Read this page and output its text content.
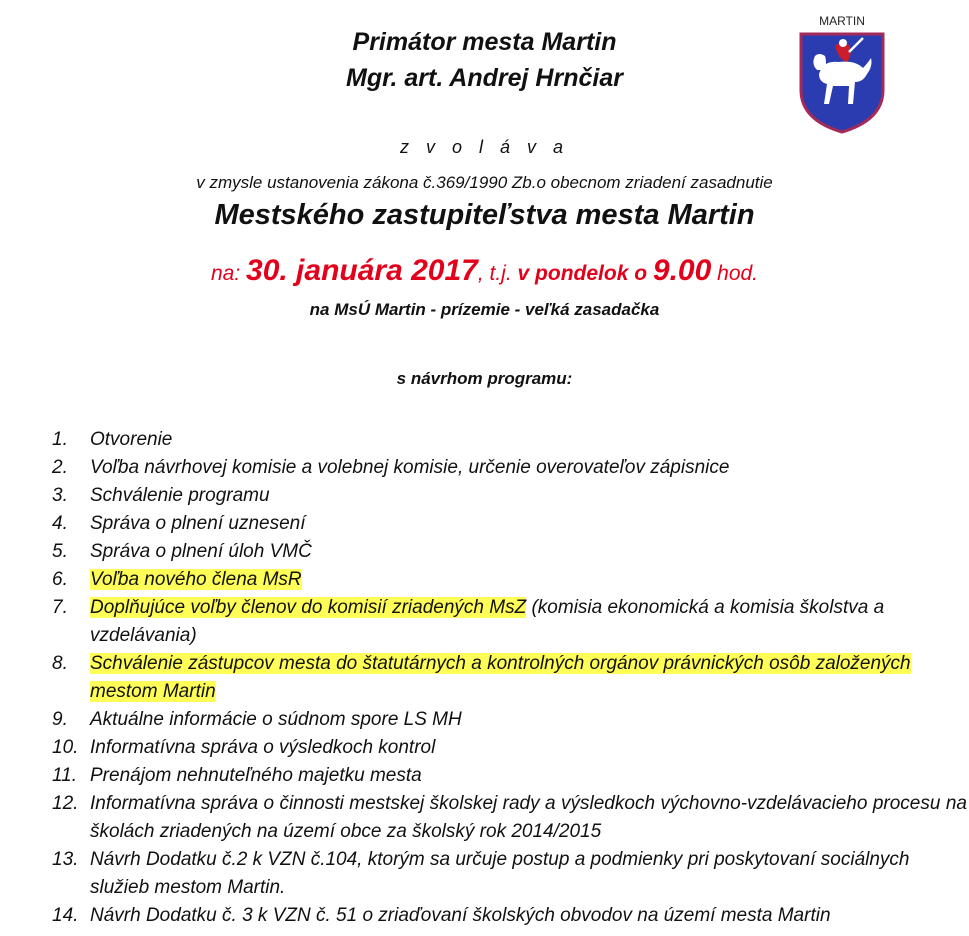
Primátor mesta Martin
Mgr. art. Andrej Hrnčiar
MARTIN
z v o l á v a
v zmysle ustanovenia zákona č.369/1990 Zb.o obecnom zriadení zasadnutie
Mestského zastupiteľstva mesta Martin
na: 30. januára 2017, t.j. v pondelok o 9.00 hod.
na MsÚ Martin - prízemie - veľká zasadačka
s návrhom programu:
1.	Otvorenie
2.	Voľba návrhovej komisie a volebnej komisie, určenie overovateľov zápisnice
3.	Schválenie programu
4.	Správa o plnení uznesení
5.	Správa o plnení úloh VMČ
6.	Voľba nového člena MsR
7.	Doplňujúce voľby členov do komisií zriadených MsZ (komisia ekonomická a komisia školstva a vzdelávania)
8.	Schválenie zástupcov mesta do štatutárnych a kontrolných orgánov právnických osôb založených mestom Martin
9.	Aktuálne informácie o súdnom spore LS MH
10. Informatívna správa o výsledkoch kontrol
11. Prenájom nehnuteľného majetku mesta
12. Informatívna správa o činnosti mestskej školskej rady a výsledkoch výchovno-vzdelávacieho procesu na školách zriadených na území obce za školský rok 2014/2015
13. Návrh Dodatku č.2 k VZN č.104, ktorým sa určuje postup a podmienky pri poskytovaní sociálnych služieb mestom Martin.
14. Návrh Dodatku č. 3 k VZN č. 51 o zriaďovaní školských obvodov na území mesta Martin
